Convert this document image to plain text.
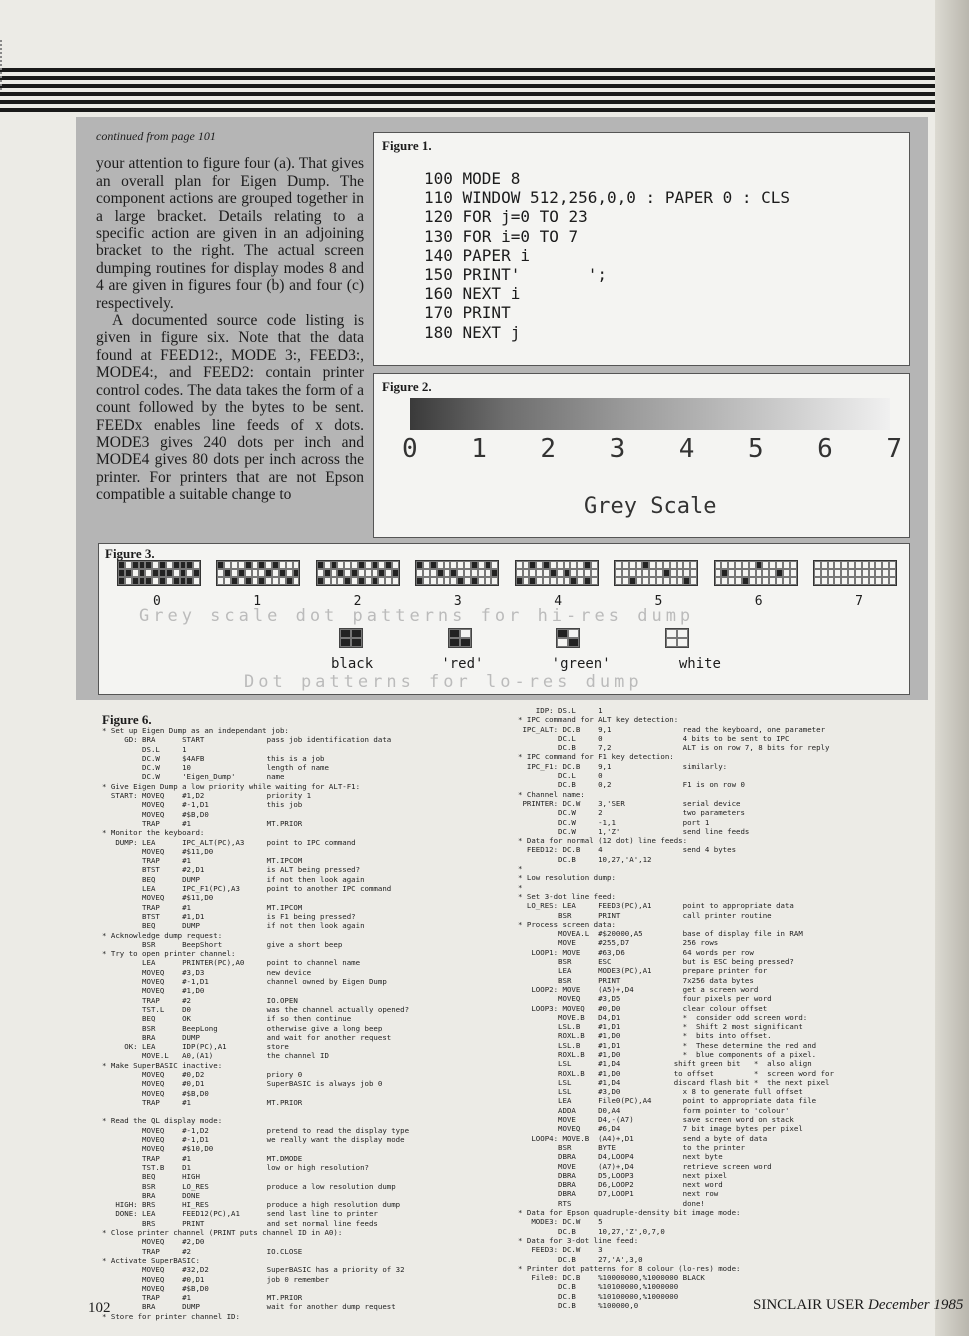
continued from page 101

your attention to figure four (a). That gives an overall plan for Eigen Dump. The component actions are grouped together in a large bracket. Details relating to a specific action are given in an adjoining bracket to the right. The actual screen dumping routines for display modes 8 and 4 are given in figures four (b) and four (c) respectively.

A documented source code listing is given in figure six. Note that the data found at FEED12:, MODE 3:, FEED3:, MODE4:, and FEED2: contain printer control codes. The data takes the form of a count followed by the bytes to be sent. FEEDx enables line feeds of x dots. MODE3 gives 240 dots per inch and MODE4 gives 80 dots per inch across the printer. For printers that are not Epson compatible a suitable change to

Figure 1.
100 MODE 8
110 WINDOW 512,256,0,0 : PAPER 0 : CLS
120 FOR j=0 TO 23
130 FOR i=0 TO 7
140 PAPER i
150 PRINT'       ';
160 NEXT i
170 PRINT
180 NEXT j
Figure 2.
0 1 2 3 4 5 6 7
Grey Scale
Figure 3.
0	1	2	3	4	5	6	7
Grey scale dot patterns for hi-res dump
black	'red'	'green'	white
Dot patterns for lo-res dump
Figure 6.
* Set up Eigen Dump as an independant job:
GD: BRA      START              pass job identification data
DS.L     1
DC.W     $4AFB              this is a job
DC.W     10                 length of name
DC.W     'Eigen_Dump'       name
* Give Eigen Dump a low priority while waiting for ALT-F1:
START: MOVEQ    #1,D2              priority 1
MOVEQ    #-1,D1             this job
MOVEQ    #$B,D0
TRAP     #1                 MT.PRIOR
* Monitor the keyboard:
DUMP: LEA      IPC_ALT(PC),A3     point to IPC command
MOVEQ    #$11,D0
TRAP     #1                 MT.IPCOM
BTST     #2,D1              is ALT being pressed?
BEQ      DUMP               if not then look again
LEA      IPC_F1(PC),A3      point to another IPC command
MOVEQ    #$11,D0
TRAP     #1                 MT.IPCOM
BTST     #1,D1              is F1 being pressed?
BEQ      DUMP               if not then look again
* Acknowledge dump request:
BSR      BeepShort          give a short beep
* Try to open printer channel:
LEA      PRINTER(PC),A0     point to channel name
MOVEQ    #3,D3              new device
MOVEQ    #-1,D1             channel owned by Eigen Dump
MOVEQ    #1,D0
TRAP     #2                 IO.OPEN
TST.L    D0                 was the channel actually opened?
BEQ      OK                 if so then continue
BSR      BeepLong           otherwise give a long beep
BRA      DUMP               and wait for another request
OK: LEA      IDP(PC),A1         store
MOVE.L   A0,(A1)            the channel ID
* Make SuperBASIC inactive:
MOVEQ    #0,D2              priory 0
MOVEQ    #0,D1              SuperBASIC is always job 0
MOVEQ    #$B,D0
TRAP     #1                 MT.PRIOR

* Read the QL display mode:
MOVEQ    #-1,D2             pretend to read the display type
MOVEQ    #-1,D1             we really want the display mode
MOVEQ    #$10,D0
TRAP     #1                 MT.DMODE
TST.B    D1                 low or high resolution?
BEQ      HIGH
BSR      LO_RES             produce a low resolution dump
BRA      DONE
HIGH: BRS      HI_RES             produce a high resolution dump
DONE: LEA      FEED12(PC),A1      send last line to printer
BRS      PRINT              and set normal line feeds
* Close printer channel (PRINT puts channel ID in A0):
MOVEQ    #2,D0
TRAP     #2                 IO.CLOSE
* Activate SuperBASIC:
MOVEQ    #32,D2             SuperBASIC has a priority of 32
MOVEQ    #0,D1              job 0 remember
MOVEQ    #$B,D0
TRAP     #1                 MT.PRIOR
BRA      DUMP               wait for another dump request
* Store for printer channel ID:
IDP: DS.L     1
* IPC command for ALT key detection:
IPC_ALT: DC.B    9,1                read the keyboard, one parameter
DC.L     0                  4 bits to be sent to IPC
DC.B     7,2                ALT is on row 7, 8 bits for reply
* IPC command for F1 key detection:
IPC_F1: DC.B    9,1                similarly:
DC.L     0
DC.B     0,2                F1 is on row 0
* Channel name:
PRINTER: DC.W    3,'SER             serial device
DC.W     2                  two parameters
DC.W     -1,1               port 1
DC.W     1,'Z'              send line feeds
* Data for normal (12 dot) line feeds:
FEED12: DC.B    4                  send 4 bytes
DC.B     10,27,'A',12
*
* Low resolution dump:
*
* Set 3-dot line feed:
LO_RES: LEA     FEED3(PC),A1       point to appropriate data
BSR      PRINT              call printer routine
* Process screen data:
MOVEA.L  #$20000,A5         base of display file in RAM
MOVE     #255,D7            256 rows
LOOP1: MOVE    #63,D6             64 words per row
BSR      ESC                but is ESC being pressed?
LEA      MODE3(PC),A1       prepare printer for
BSR      PRINT              7x256 data bytes
LOOP2: MOVE    (A5)+,D4           get a screen word
MOVEQ    #3,D5              four pixels per word
LOOP3: MOVEQ   #0,D0              clear colour offset
MOVE.B   D4,D1              *  consider odd screen word:
LSL.B    #1,D1              *  Shift 2 most significant
ROXL.B   #1,D0              *  bits into offset.
LSL.B    #1,D1              *  These determine the red and
ROXL.B   #1,D0              *  blue components of a pixel.
LSL      #1,D4            shift green bit   *  also align
ROXL.B   #1,D0            to offset         *  screen word for
LSL      #1,D4            discard flash bit *  the next pixel
LSL      #3,D0              x 8 to generate full offset
LEA      File0(PC),A4       point to appropriate data file
ADDA     D0,A4              form pointer to 'colour'
MOVE     D4,-(A7)           save screen word on stack
MOVEQ    #6,D4              7 bit image bytes per pixel
LOOP4: MOVE.B  (A4)+,D1           send a byte of data
BSR      BYTE               to the printer
DBRA     D4,LOOP4           next byte
MOVE     (A7)+,D4           retrieve screen word
DBRA     D5,LOOP3           next pixel
DBRA     D6,LOOP2           next word
DBRA     D7,LOOP1           next row
RTS                         done!
* Data for Epson quadruple-density bit image mode:
MODE3: DC.W    5
DC.B     10,27,'Z',0,7,0
* Data for 3-dot line feed:
FEED3: DC.W    3
DC.B     27,'A',3,0
* Printer dot patterns for 8 colour (lo-res) mode:
File0: DC.B    %10000000,%1000000 BLACK
DC.B     %10100000,%1000000
DC.B     %10100000,%1000000
DC.B     %100000,0
102	SINCLAIR USER December 1985
